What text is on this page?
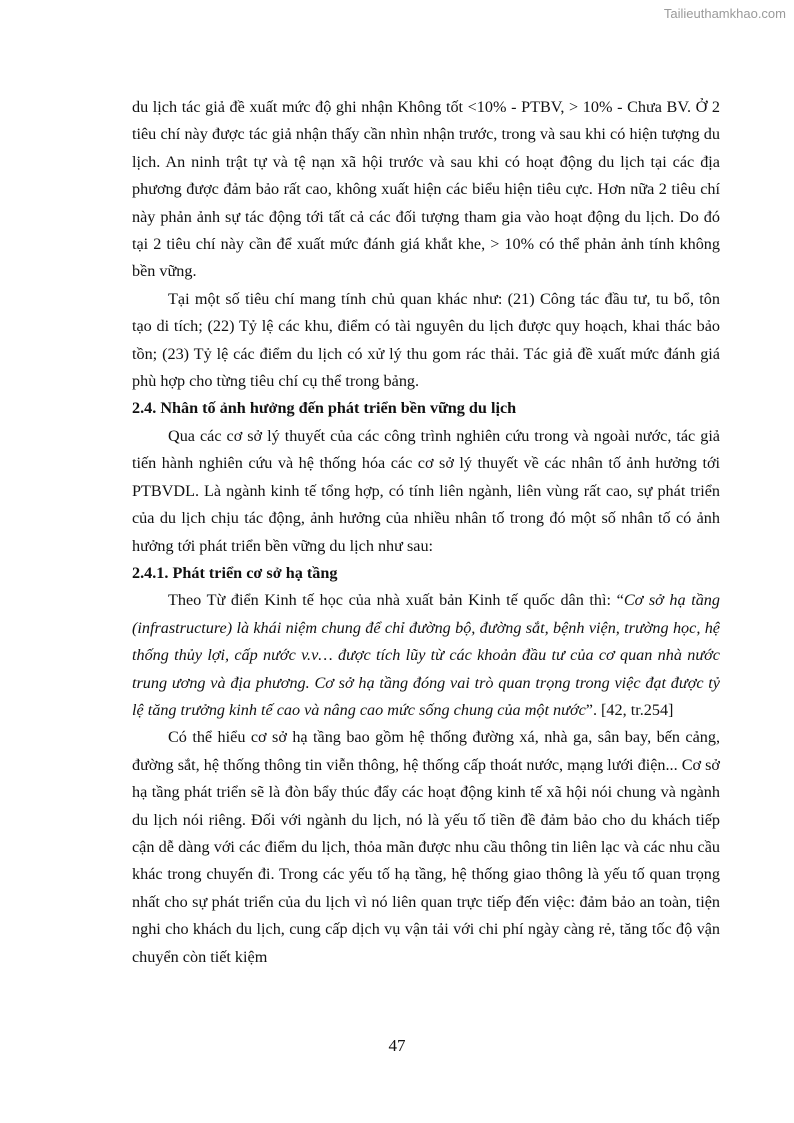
Tailieuthamkhao.com

du lịch tác giả đề xuất mức độ ghi nhận Không tốt <10% - PTBV, > 10% - Chưa BV. Ở 2 tiêu chí này được tác giả nhận thấy cần nhìn nhận trước, trong và sau khi có hiện tượng du lịch. An ninh trật tự và tệ nạn xã hội trước và sau khi có hoạt động du lịch tại các địa phương được đảm bảo rất cao, không xuất hiện các biểu hiện tiêu cực. Hơn nữa 2 tiêu chí này phản ảnh sự tác động tới tất cả các đối tượng tham gia vào hoạt động du lịch. Do đó tại 2 tiêu chí này cần để xuất mức đánh giá khắt khe, > 10% có thể phản ảnh tính không bền vững.

Tại một số tiêu chí mang tính chủ quan khác như: (21) Công tác đầu tư, tu bổ, tôn tạo di tích; (22) Tỷ lệ các khu, điểm có tài nguyên du lịch được quy hoạch, khai thác bảo tồn; (23) Tỷ lệ các điểm du lịch có xử lý thu gom rác thải. Tác giả đề xuất mức đánh giá phù hợp cho từng tiêu chí cụ thể trong bảng.

2.4. Nhân tố ảnh hưởng đến phát triển bền vững du lịch

Qua các cơ sở lý thuyết của các công trình nghiên cứu trong và ngoài nước, tác giả tiến hành nghiên cứu và hệ thống hóa các cơ sở lý thuyết về các nhân tố ảnh hưởng tới PTBVDL. Là ngành kinh tế tổng hợp, có tính liên ngành, liên vùng rất cao, sự phát triển của du lịch chịu tác động, ảnh hưởng của nhiều nhân tố trong đó một số nhân tố có ảnh hưởng tới phát triển bền vững du lịch như sau:

2.4.1. Phát triển cơ sở hạ tầng

Theo Từ điển Kinh tế học của nhà xuất bản Kinh tế quốc dân thì: “Cơ sở hạ tầng (infrastructure) là khái niệm chung để chỉ đường bộ, đường sắt, bệnh viện, trường học, hệ thống thủy lợi, cấp nước v.v… được tích lũy từ các khoản đầu tư của cơ quan nhà nước trung ương và địa phương. Cơ sở hạ tầng đóng vai trò quan trọng trong việc đạt được tỷ lệ tăng trưởng kinh tế cao và nâng cao mức sống chung của một nước”. [42, tr.254]

Có thể hiểu cơ sở hạ tầng bao gồm hệ thống đường xá, nhà ga, sân bay, bến cảng, đường sắt, hệ thống thông tin viễn thông, hệ thống cấp thoát nước, mạng lưới điện... Cơ sở hạ tầng phát triển sẽ là đòn bẩy thúc đẩy các hoạt động kinh tế xã hội nói chung và ngành du lịch nói riêng. Đối với ngành du lịch, nó là yếu tố tiền đề đảm bảo cho du khách tiếp cận dễ dàng với các điểm du lịch, thỏa mãn được nhu cầu thông tin liên lạc và các nhu cầu khác trong chuyến đi. Trong các yếu tố hạ tầng, hệ thống giao thông là yếu tố quan trọng nhất cho sự phát triển của du lịch vì nó liên quan trực tiếp đến việc: đảm bảo an toàn, tiện nghi cho khách du lịch, cung cấp dịch vụ vận tải với chi phí ngày càng rẻ, tăng tốc độ vận chuyển còn tiết kiệm

47
